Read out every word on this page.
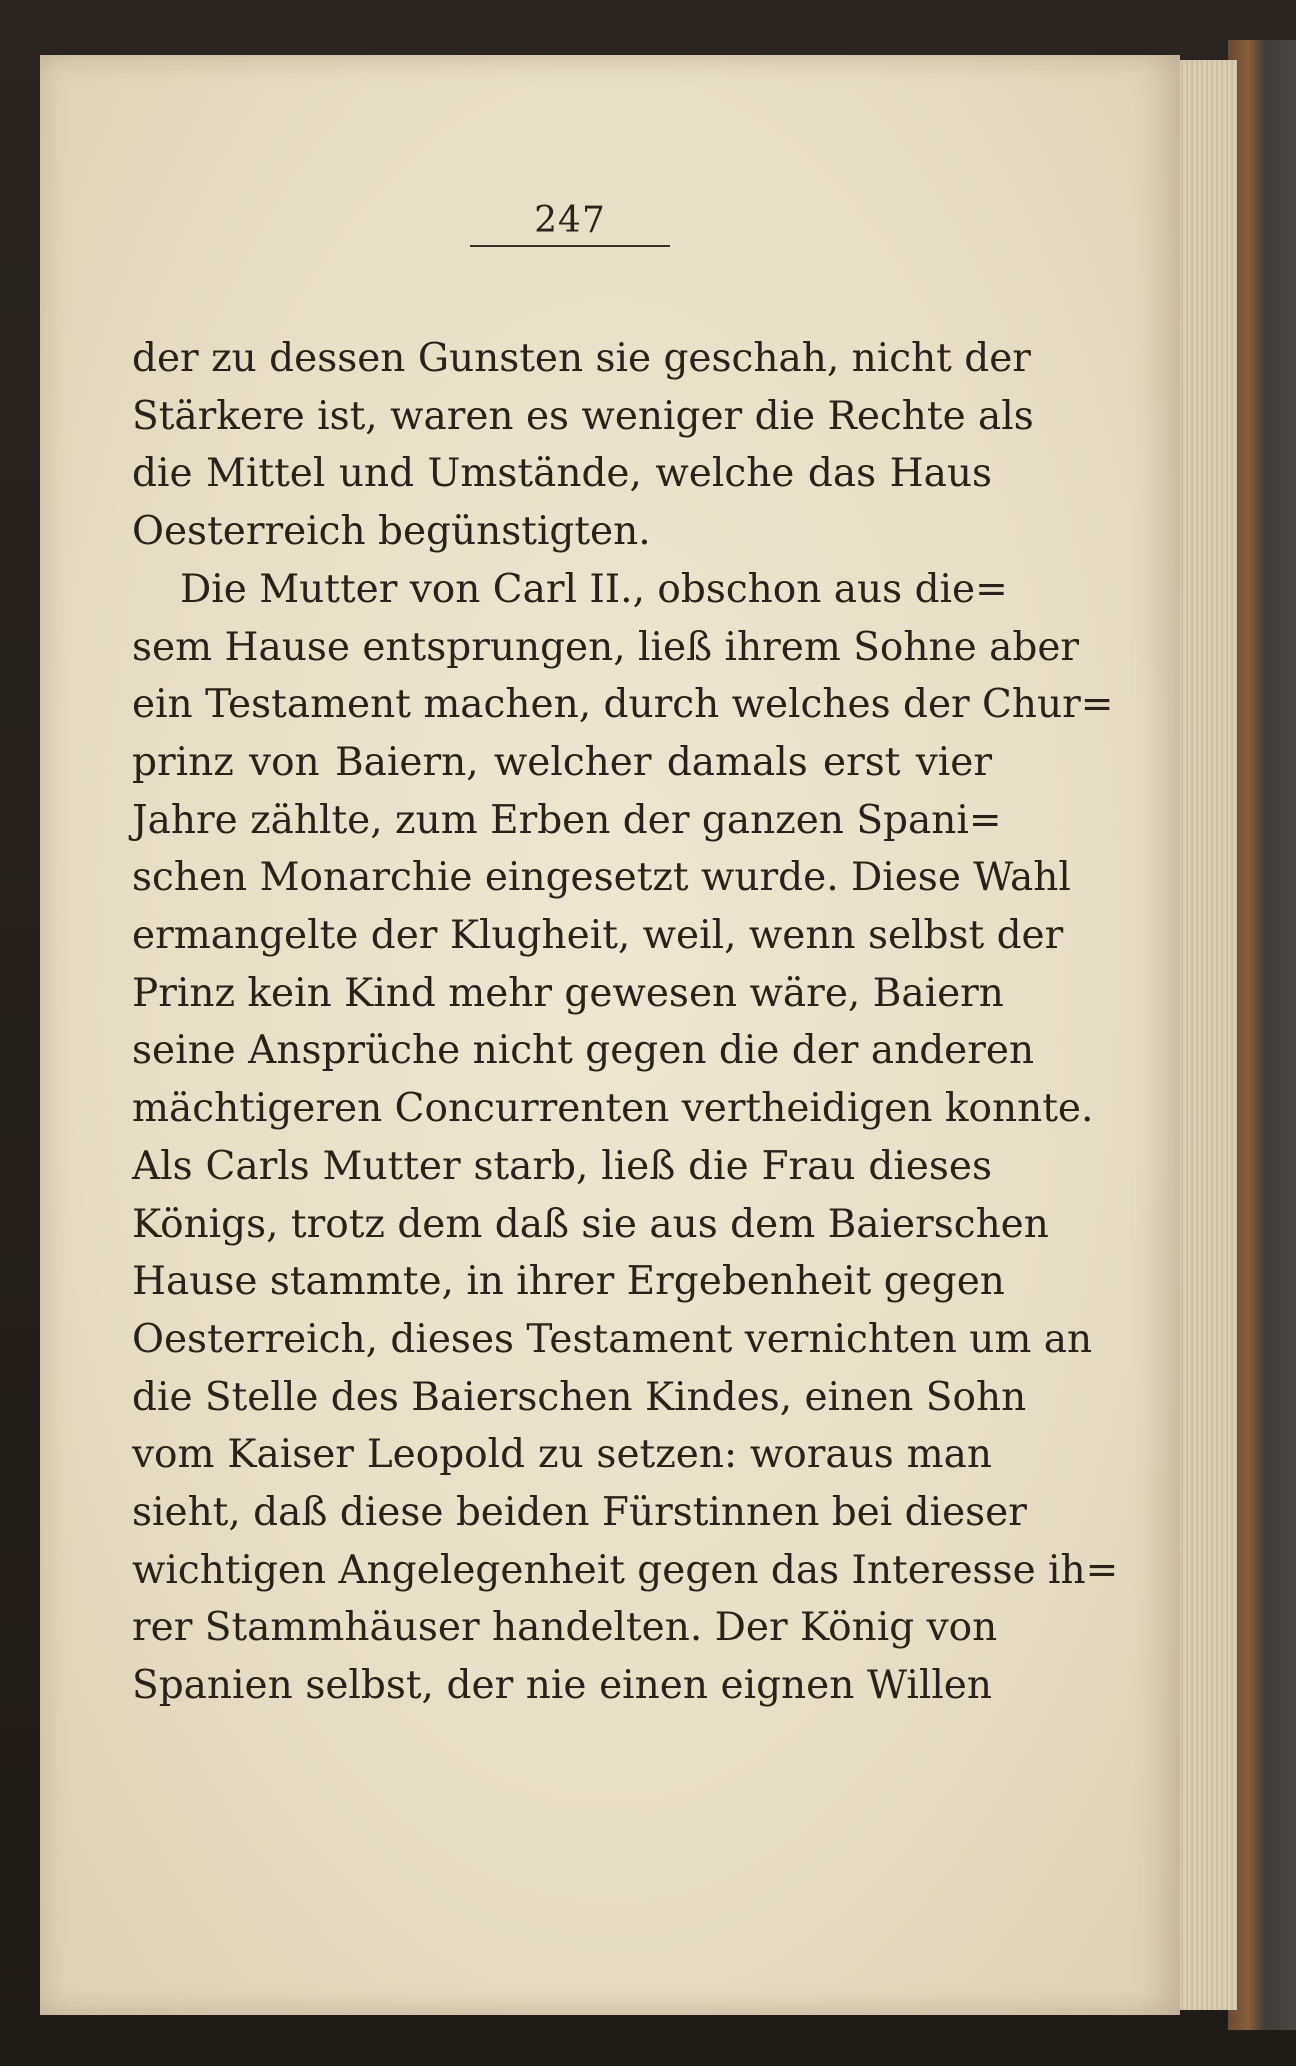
247
der zu dessen Gunsten sie geschah, nicht der
Stärkere ist, waren es weniger die Rechte als
die Mittel und Umstände, welche das Haus
Oesterreich begünstigten.
Die Mutter von Carl II., obschon aus die=
sem Hause entsprungen, ließ ihrem Sohne aber
ein Testament machen, durch welches der Chur=
prinz von Baiern, welcher damals erst vier
Jahre zählte, zum Erben der ganzen Spani=
schen Monarchie eingesetzt wurde. Diese Wahl
ermangelte der Klugheit, weil, wenn selbst der
Prinz kein Kind mehr gewesen wäre, Baiern
seine Ansprüche nicht gegen die der anderen
mächtigeren Concurrenten vertheidigen konnte.
Als Carls Mutter starb, ließ die Frau dieses
Königs, trotz dem daß sie aus dem Baierschen
Hause stammte, in ihrer Ergebenheit gegen
Oesterreich, dieses Testament vernichten um an
die Stelle des Baierschen Kindes, einen Sohn
vom Kaiser Leopold zu setzen: woraus man
sieht, daß diese beiden Fürstinnen bei dieser
wichtigen Angelegenheit gegen das Interesse ih=
rer Stammhäuser handelten. Der König von
Spanien selbst, der nie einen eignen Willen
